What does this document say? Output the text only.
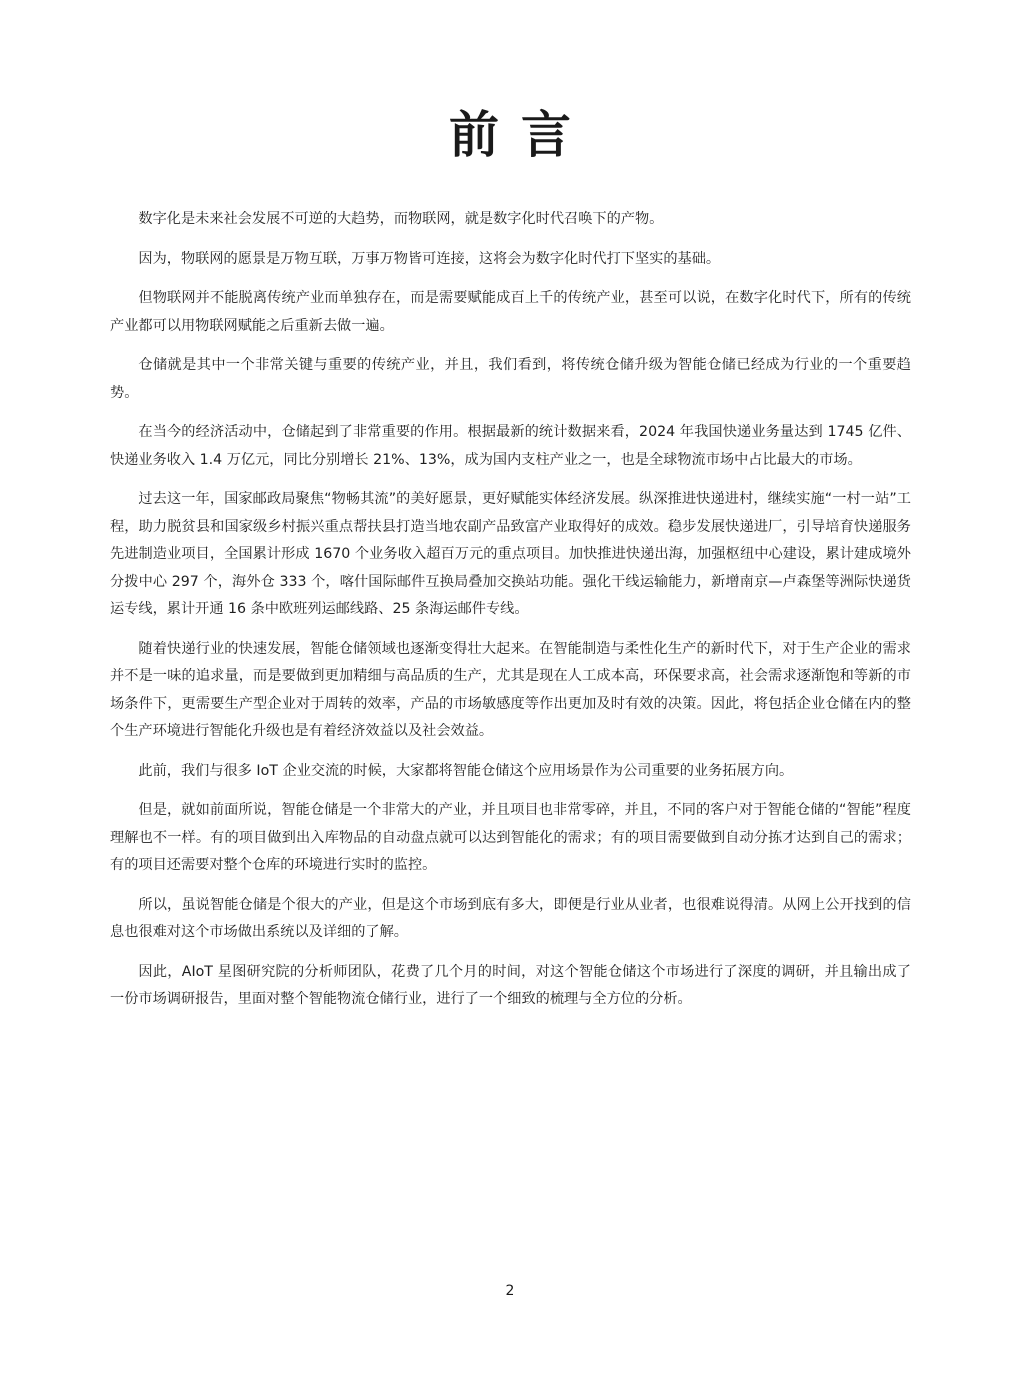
前言

数字化是未来社会发展不可逆的大趋势，而物联网，就是数字化时代召唤下的产物。

因为，物联网的愿景是万物互联，万事万物皆可连接，这将会为数字化时代打下坚实的基础。

但物联网并不能脱离传统产业而单独存在，而是需要赋能成百上千的传统产业，甚至可以说，在数字化时代下，所有的传统产业都可以用物联网赋能之后重新去做一遍。

仓储就是其中一个非常关键与重要的传统产业，并且，我们看到，将传统仓储升级为智能仓储已经成为行业的一个重要趋势。

在当今的经济活动中，仓储起到了非常重要的作用。根据最新的统计数据来看，2024 年我国快递业务量达到 1745 亿件、快递业务收入 1.4 万亿元，同比分别增长 21%、13%，成为国内支柱产业之一，也是全球物流市场中占比最大的市场。

过去这一年，国家邮政局聚焦“物畅其流”的美好愿景，更好赋能实体经济发展。纵深推进快递进村，继续实施“一村一站”工程，助力脱贫县和国家级乡村振兴重点帮扶县打造当地农副产品致富产业取得好的成效。稳步发展快递进厂，引导培育快递服务先进制造业项目，全国累计形成 1670 个业务收入超百万元的重点项目。加快推进快递出海，加强枢纽中心建设，累计建成境外分拨中心 297 个，海外仓 333 个，喀什国际邮件互换局叠加交换站功能。强化干线运输能力，新增南京—卢森堡等洲际快递货运专线，累计开通 16 条中欧班列运邮线路、25 条海运邮件专线。

随着快递行业的快速发展，智能仓储领域也逐渐变得壮大起来。在智能制造与柔性化生产的新时代下，对于生产企业的需求并不是一味的追求量，而是要做到更加精细与高品质的生产，尤其是现在人工成本高，环保要求高，社会需求逐渐饱和等新的市场条件下，更需要生产型企业对于周转的效率，产品的市场敏感度等作出更加及时有效的决策。因此，将包括企业仓储在内的整个生产环境进行智能化升级也是有着经济效益以及社会效益。

此前，我们与很多 IoT 企业交流的时候，大家都将智能仓储这个应用场景作为公司重要的业务拓展方向。

但是，就如前面所说，智能仓储是一个非常大的产业，并且项目也非常零碎，并且，不同的客户对于智能仓储的“智能”程度理解也不一样。有的项目做到出入库物品的自动盘点就可以达到智能化的需求；有的项目需要做到自动分拣才达到自己的需求；有的项目还需要对整个仓库的环境进行实时的监控。

所以，虽说智能仓储是个很大的产业，但是这个市场到底有多大，即便是行业从业者，也很难说得清。从网上公开找到的信息也很难对这个市场做出系统以及详细的了解。

因此，AIoT 星图研究院的分析师团队，花费了几个月的时间，对这个智能仓储这个市场进行了深度的调研，并且输出成了一份市场调研报告，里面对整个智能物流仓储行业，进行了一个细致的梳理与全方位的分析。

2
